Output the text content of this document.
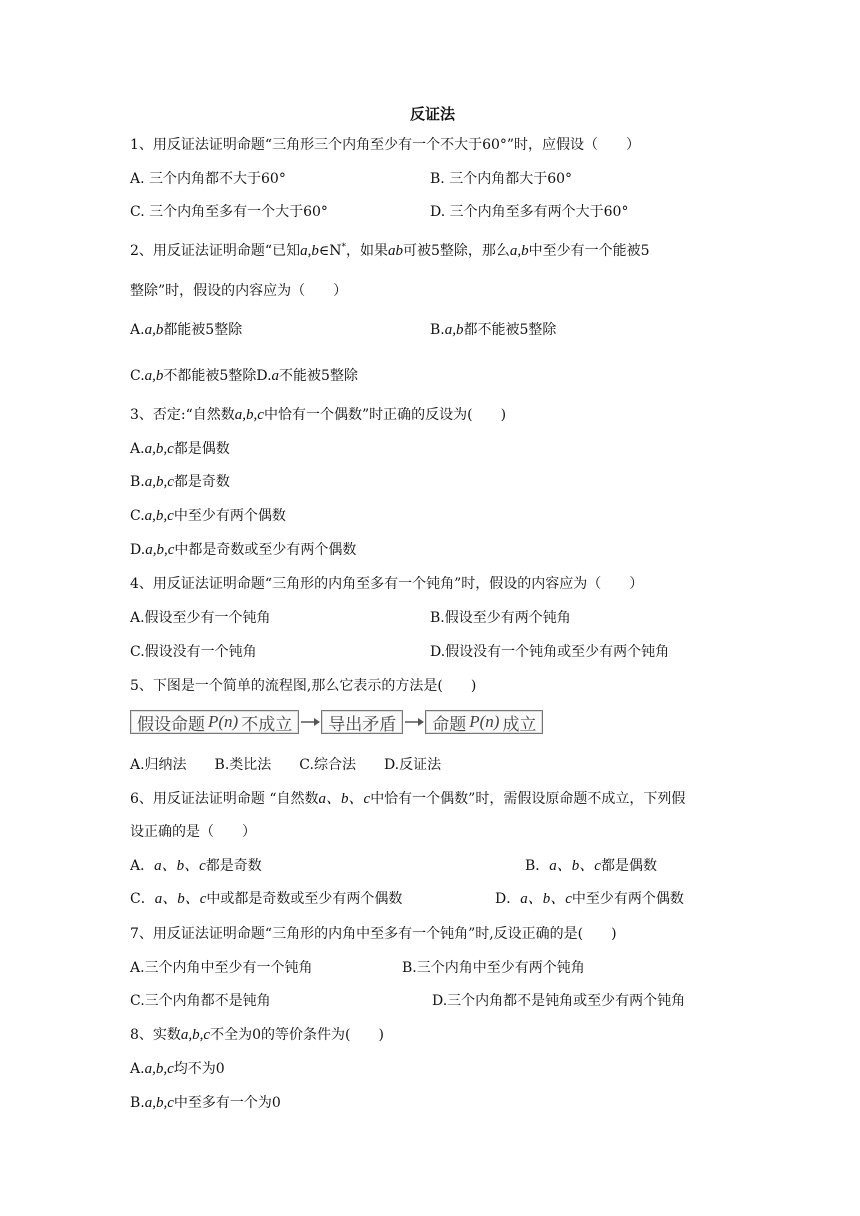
反证法
1、用反证法证明命题“三角形三个内角至少有一个不大于60°”时，应假设（　　）
A. 三个内角都不大于60°	B. 三个内角都大于60°
C. 三个内角至多有一个大于60°	D. 三个内角至多有两个大于60°
2、用反证法证明命题“已知a,b∈N*，如果ab可被5整除，那么a,b中至少有一个能被5
整除”时，假设的内容应为（　　）
A.a,b都能被5整除	B.a,b都不能被5整除
C.a,b不都能被5整除D.a不能被5整除
3、否定:“自然数a,b,c中恰有一个偶数”时正确的反设为(　　)
A.a,b,c都是偶数
B.a,b,c都是奇数
C.a,b,c中至少有两个偶数
D.a,b,c中都是奇数或至少有两个偶数
4、用反证法证明命题“三角形的内角至多有一个钝角”时，假设的内容应为（　　）
A.假设至少有一个钝角	B.假设至少有两个钝角
C.假设没有一个钝角	D.假设没有一个钝角或至少有两个钝角
5、下图是一个简单的流程图,那么它表示的方法是(　　)
假设命题 P(n) 不成立 导出矛盾 命题 P(n) 成立
A.归纳法　　B.类比法　　C.综合法　　D.反证法
6、用反证法证明命题 “自然数a、b、c中恰有一个偶数”时，需假设原命题不成立，下列假
设正确的是（　　）
A．a、b、c都是奇数	B．a、b、c都是偶数
C．a、b、c中或都是奇数或至少有两个偶数	D．a、b、c中至少有两个偶数
7、用反证法证明命题“三角形的内角中至多有一个钝角”时,反设正确的是(　　)
A.三个内角中至少有一个钝角	B.三个内角中至少有两个钝角
C.三个内角都不是钝角	D.三个内角都不是钝角或至少有两个钝角
8、实数a,b,c不全为0的等价条件为(　　)
A.a,b,c均不为0
B.a,b,c中至多有一个为0
